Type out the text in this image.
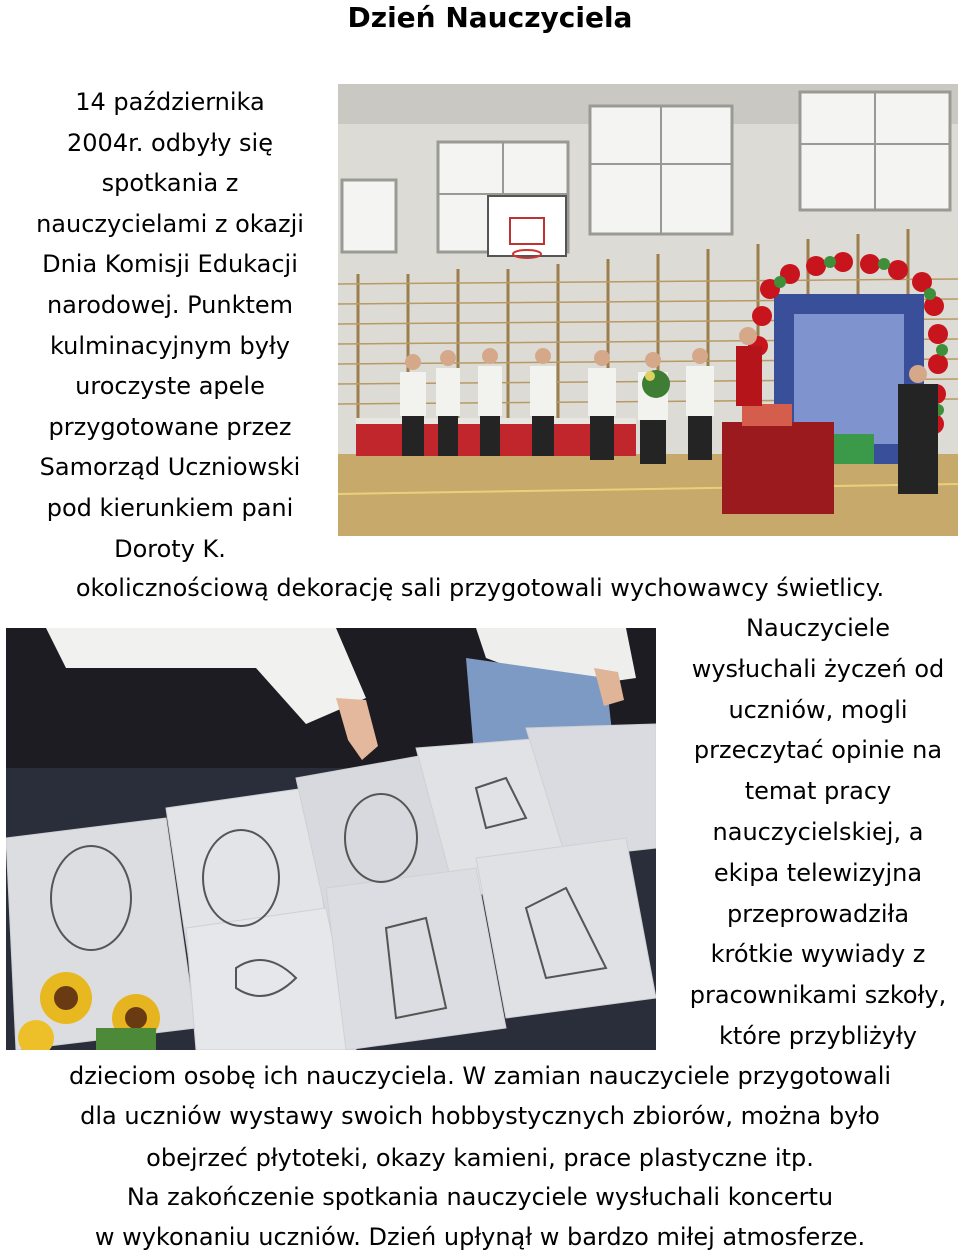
Dzień Nauczyciela
14 października
2004r. odbyły się
spotkania z
nauczycielami z okazji
Dnia Komisji Edukacji
narodowej. Punktem
kulminacyjnym były
uroczyste apele
przygotowane przez
Samorząd Uczniowski
pod kierunkiem pani
Doroty K.
okolicznościową dekorację sali przygotowali wychowawcy świetlicy.
Nauczyciele
wysłuchali życzeń od
uczniów, mogli
przeczytać opinie na
temat pracy
nauczycielskiej, a
ekipa telewizyjna
przeprowadziła
krótkie wywiady z
pracownikami szkoły,
które przybliżyły
dzieciom osobę ich nauczyciela. W zamian nauczyciele przygotowali
dla uczniów wystawy swoich hobbystycznych zbiorów, można było
obejrzeć płytoteki, okazy kamieni, prace plastyczne itp.
Na zakończenie spotkania nauczyciele wysłuchali koncertu
w wykonaniu uczniów. Dzień upłynął w bardzo miłej atmosferze.
